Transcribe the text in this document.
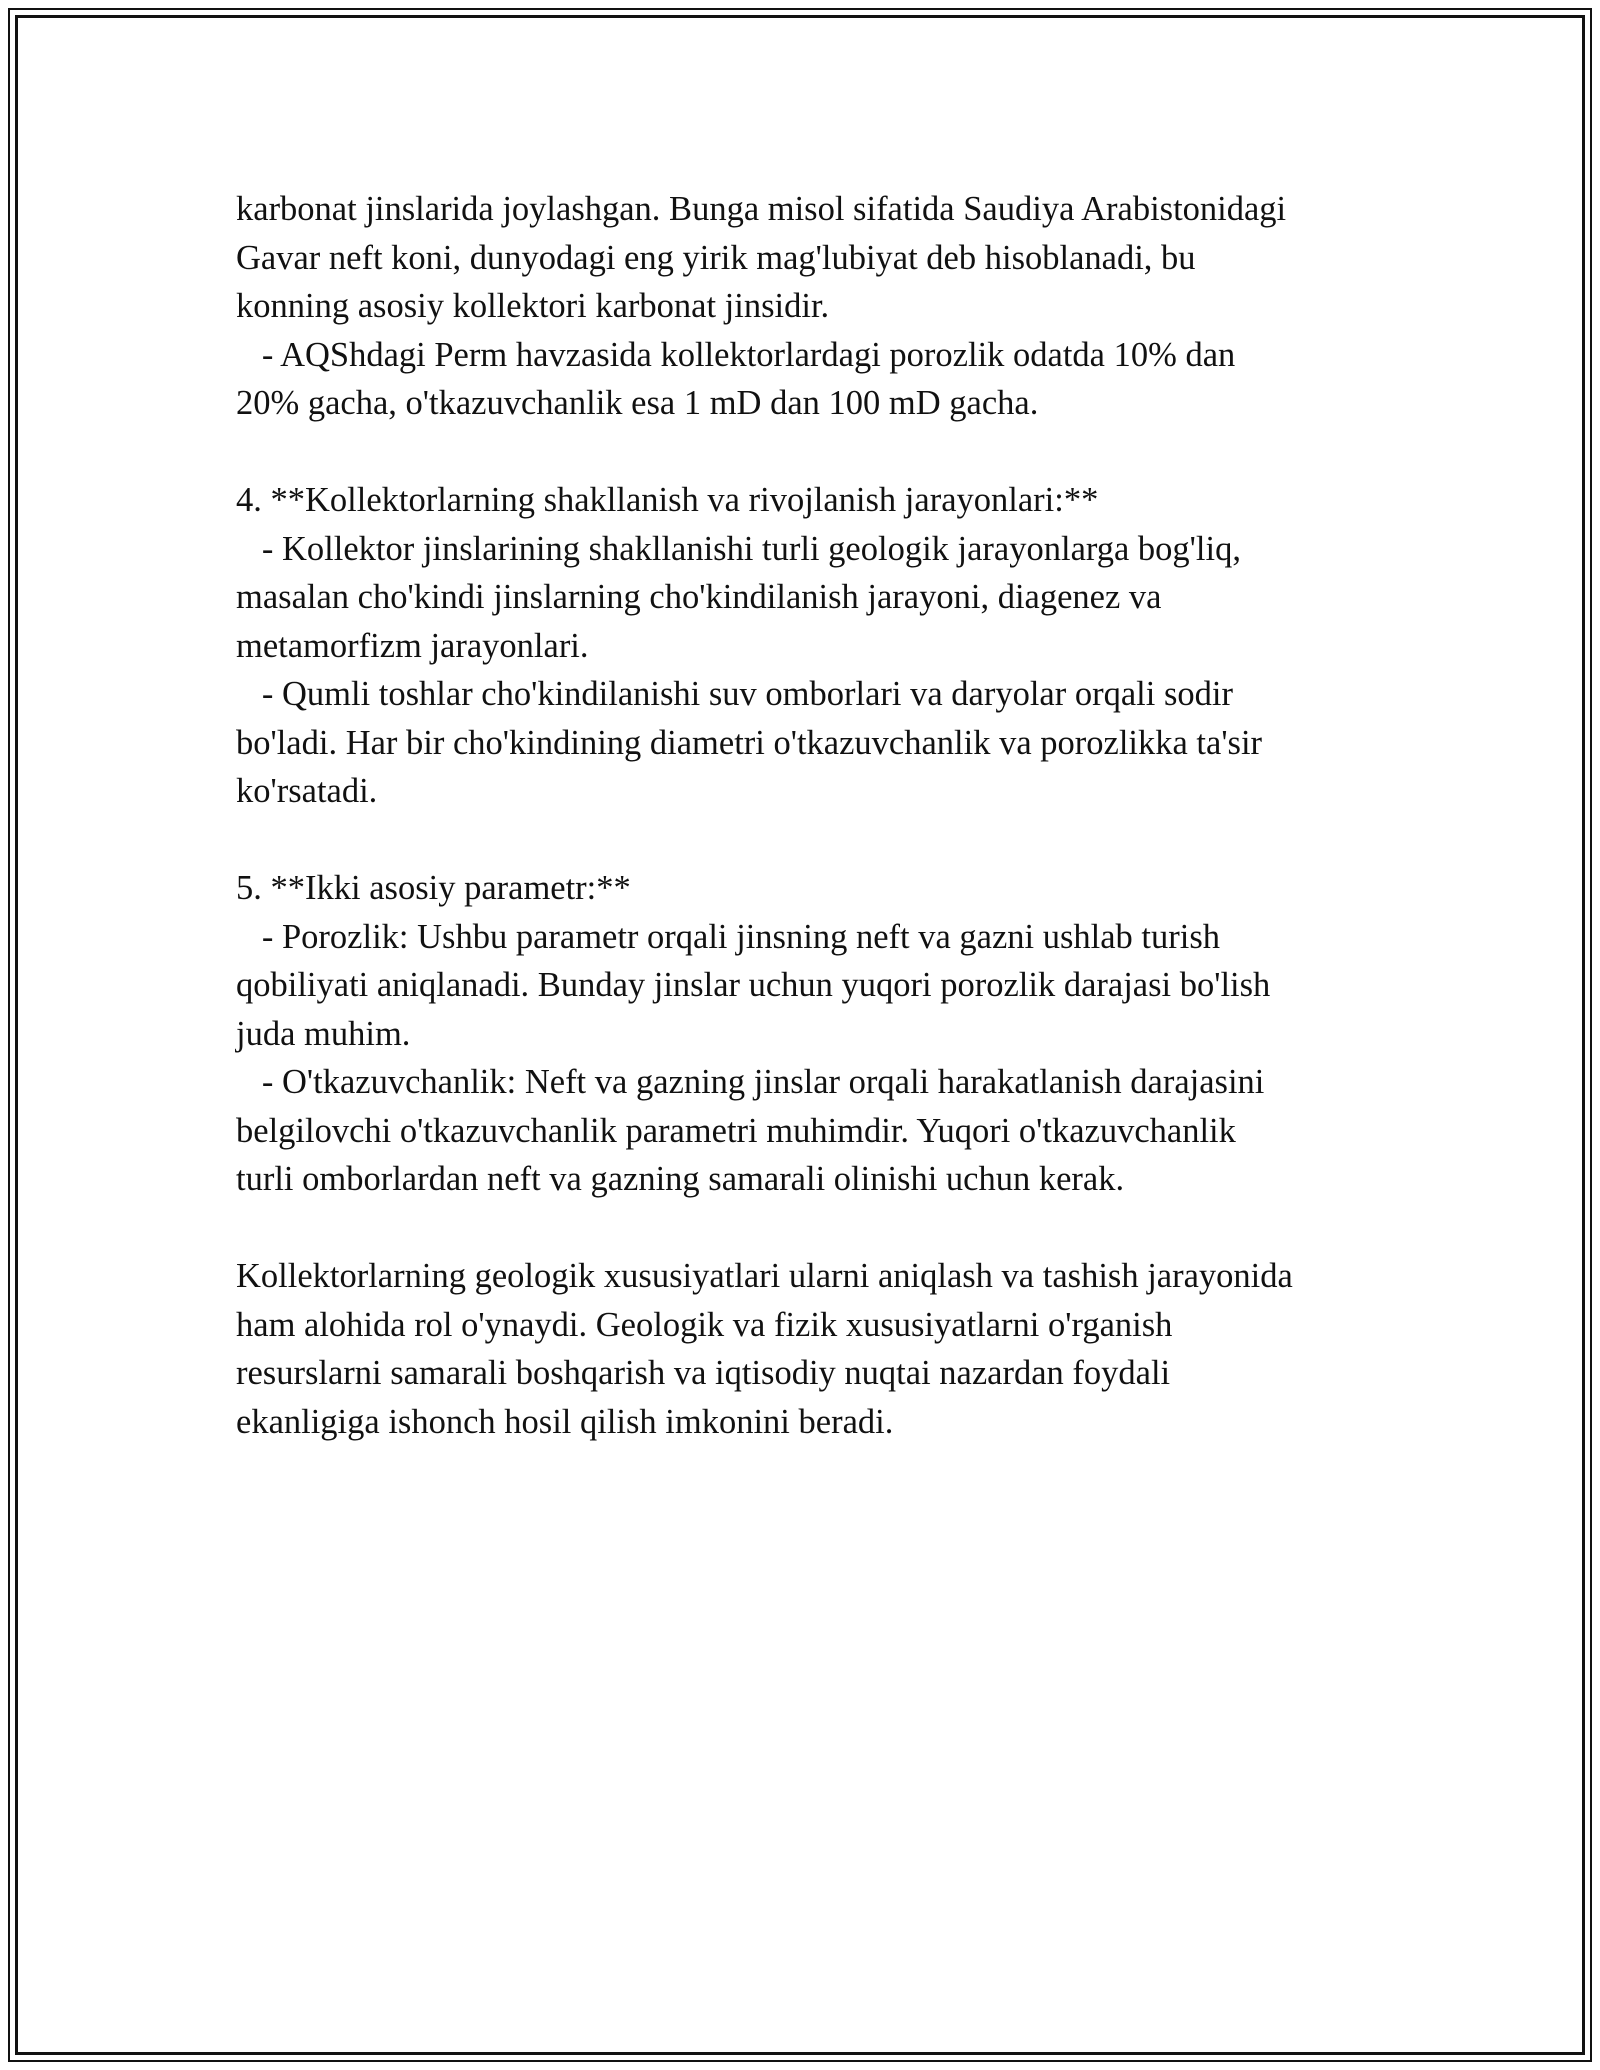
karbonat jinslarida joylashgan. Bunga misol sifatida Saudiya Arabistonidagi
Gavar neft koni, dunyodagi eng yirik mag'lubiyat deb hisoblanadi, bu
konning asosiy kollektori karbonat jinsidir.
- AQShdagi Perm havzasida kollektorlardagi porozlik odatda 10% dan
20% gacha, o'tkazuvchanlik esa 1 mD dan 100 mD gacha.
4. **Kollektorlarning shakllanish va rivojlanish jarayonlari:**
- Kollektor jinslarining shakllanishi turli geologik jarayonlarga bog'liq,
masalan cho'kindi jinslarning cho'kindilanish jarayoni, diagenez va
metamorfizm jarayonlari.
- Qumli toshlar cho'kindilanishi suv omborlari va daryolar orqali sodir
bo'ladi. Har bir cho'kindining diametri o'tkazuvchanlik va porozlikka ta'sir
ko'rsatadi.
5. **Ikki asosiy parametr:**
- Porozlik: Ushbu parametr orqali jinsning neft va gazni ushlab turish
qobiliyati aniqlanadi. Bunday jinslar uchun yuqori porozlik darajasi bo'lish
juda muhim.
- O'tkazuvchanlik: Neft va gazning jinslar orqali harakatlanish darajasini
belgilovchi o'tkazuvchanlik parametri muhimdir. Yuqori o'tkazuvchanlik
turli omborlardan neft va gazning samarali olinishi uchun kerak.
Kollektorlarning geologik xususiyatlari ularni aniqlash va tashish jarayonida
ham alohida rol o'ynaydi. Geologik va fizik xususiyatlarni o'rganish
resurslarni samarali boshqarish va iqtisodiy nuqtai nazardan foydali
ekanligiga ishonch hosil qilish imkonini beradi.
